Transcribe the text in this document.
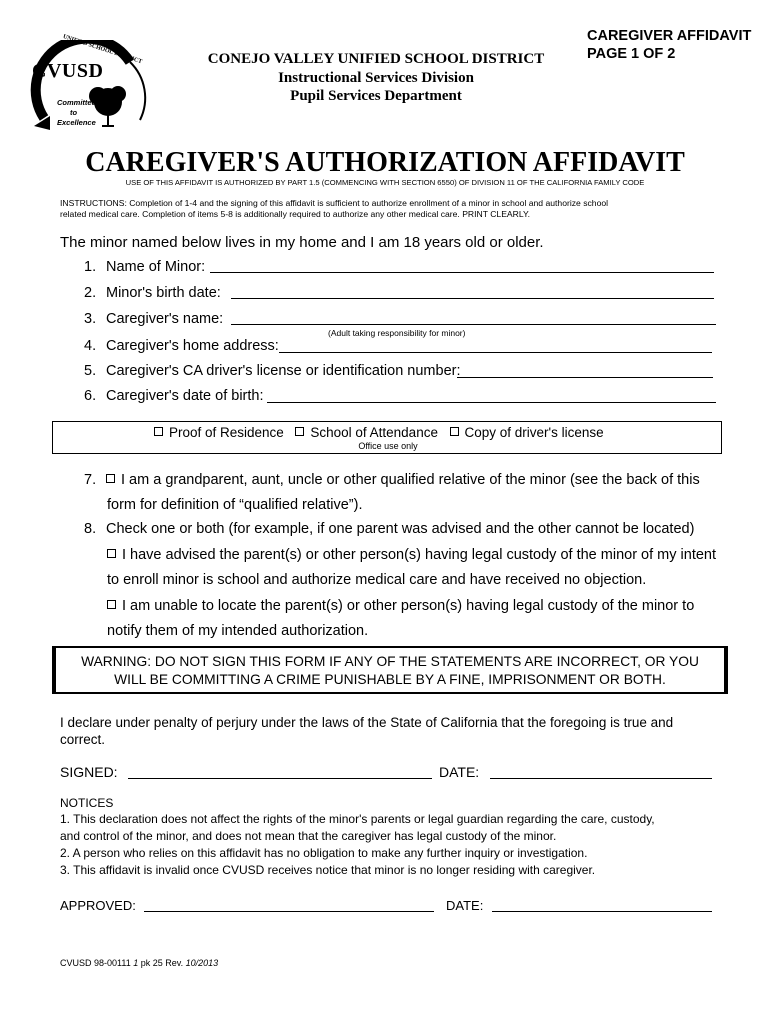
CVUSD
UNIFIED SCHOOL DISTRICT
Committed
to
Excellence
CONEJO VALLEY UNIFIED SCHOOL DISTRICT
Instructional Services Division
Pupil Services Department
CAREGIVER AFFIDAVIT
PAGE 1 OF 2
CAREGIVER'S AUTHORIZATION AFFIDAVIT
USE OF THIS AFFIDAVIT IS AUTHORIZED BY PART 1.5 (COMMENCING WITH SECTION 6550) OF DIVISION 11 OF THE CALIFORNIA FAMILY CODE
INSTRUCTIONS: Completion of 1-4 and the signing of this affidavit is sufficient to authorize enrollment of a minor in school and authorize school
related medical care. Completion of items 5-8 is additionally required to authorize any other medical care. PRINT CLEARLY.
The minor named below lives in my home and I am 18 years old or older.
1. Name of Minor:
2. Minor's birth date:
3. Caregiver's name:
(Adult taking responsibility for minor)
4. Caregiver's home address:
5. Caregiver's CA driver's license or identification number:
6. Caregiver's date of birth:
Proof of Residence School of Attendance Copy of driver's license
Office use only
7. I am a grandparent, aunt, uncle or other qualified relative of the minor (see the back of this
form for definition of “qualified relative”).
8. Check one or both (for example, if one parent was advised and the other cannot be located)
I have advised the parent(s) or other person(s) having legal custody of the minor of my intent
to enroll minor is school and authorize medical care and have received no objection.
I am unable to locate the parent(s) or other person(s) having legal custody of the minor to
notify them of my intended authorization.
WARNING: DO NOT SIGN THIS FORM IF ANY OF THE STATEMENTS ARE INCORRECT, OR YOU
WILL BE COMMITTING A CRIME PUNISHABLE BY A FINE, IMPRISONMENT OR BOTH.
I declare under penalty of perjury under the laws of the State of California that the foregoing is true and
correct.
SIGNED:	DATE:
NOTICES
1. This declaration does not affect the rights of the minor's parents or legal guardian regarding the care, custody,
and control of the minor, and does not mean that the caregiver has legal custody of the minor.
2. A person who relies on this affidavit has no obligation to make any further inquiry or investigation.
3. This affidavit is invalid once CVUSD receives notice that minor is no longer residing with caregiver.
APPROVED:	DATE:
CVUSD 98-00111 1 pk 25 Rev. 10/2013
